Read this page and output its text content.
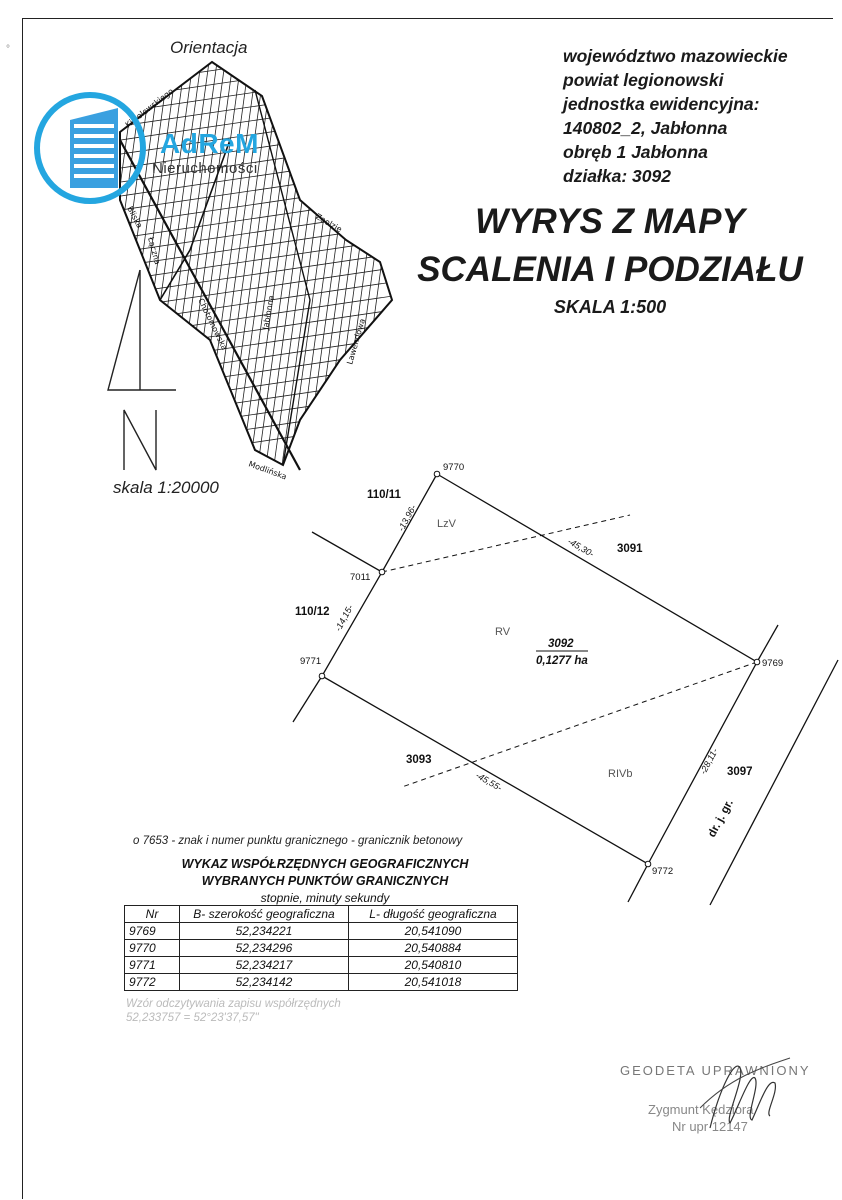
°	Orientacja
Kisielewskiego
Modlińska
Chotomowska	Lawendowa
Zaolzie
Bliska
Łączna
Jabłonna
AdReM
Nieruchomości
skala 1:20000
województwo mazowieckie
powiat legionowski
jednostka ewidencyjna:
140802_2, Jabłonna
obręb 1 Jabłonna
działka: 3092
WYRYS Z MAPY
SCALENIA I PODZIAŁU
SKALA 1:500
9770
7011
9771	9769
9772
-13,96-
-45,30-
-14,15-
-45,55-
-28,11-
110/11
110/12
3091
3093
3097
dr. j. gr.
LzV
RV
RIVb
3092
0,1277 ha
o 7653 - znak i numer punktu granicznego - granicznik betonowy
WYKAZ WSPÓŁRZĘDNYCH GEOGRAFICZNYCH
WYBRANYCH PUNKTÓW GRANICZNYCH
stopnie, minuty sekundy
Nr	B- szerokość geograficzna	L- długość geograficzna
9769	52,234221	20,541090
9770	52,234296	20,540884
9771	52,234217	20,540810
9772	52,234142	20,541018
Wzór odczytywania zapisu współrzędnych
52,233757 = 52°23'37,57"
GEODETA UPRAWNIONY
Zygmunt Kędziora
Nr upr 12147
